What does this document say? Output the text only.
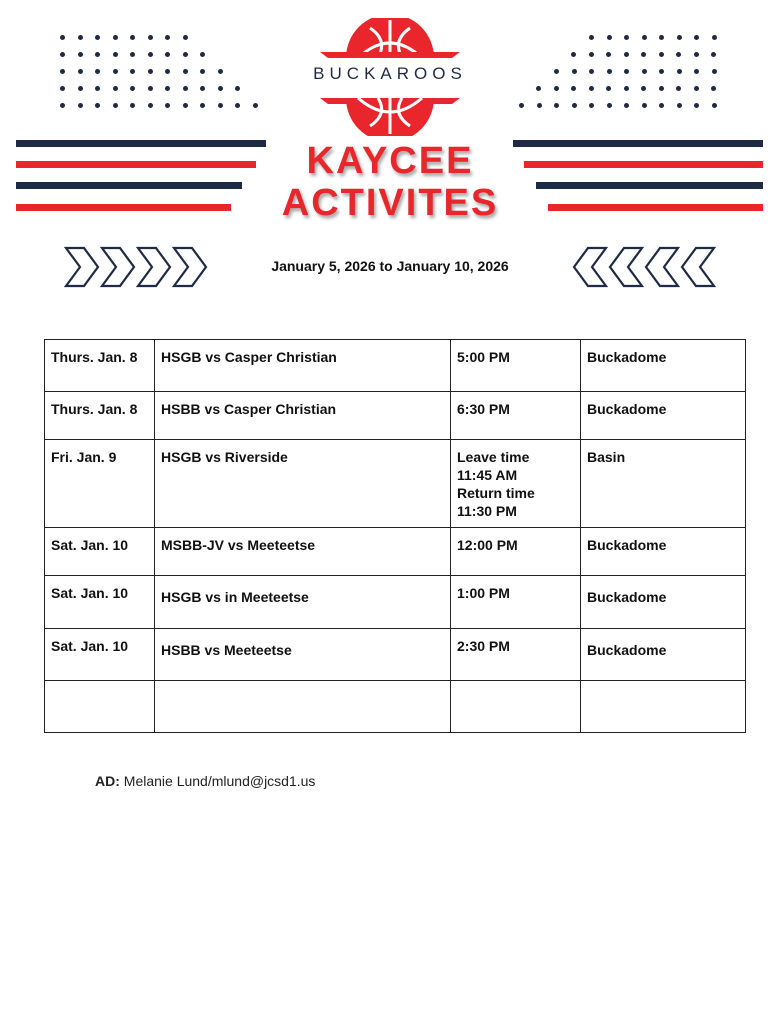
BUCKAROOS
KAYCEE
ACTIVITES
January 5, 2026 to January 10, 2026
Thurs. Jan. 8	HSGB vs Casper Christian	5:00 PM	Buckadome
Thurs. Jan. 8	HSBB vs Casper Christian	6:30 PM	Buckadome
Fri. Jan. 9	HSGB vs Riverside	Leave time
11:45 AM
Return time
11:30 PM	Basin
Sat. Jan. 10	MSBB-JV vs Meeteetse	12:00 PM	Buckadome
Sat. Jan. 10	HSGB vs in Meeteetse	1:00 PM	Buckadome
Sat. Jan. 10	HSBB vs Meeteetse	2:30 PM	Buckadome

AD: Melanie Lund/mlund@jcsd1.us
